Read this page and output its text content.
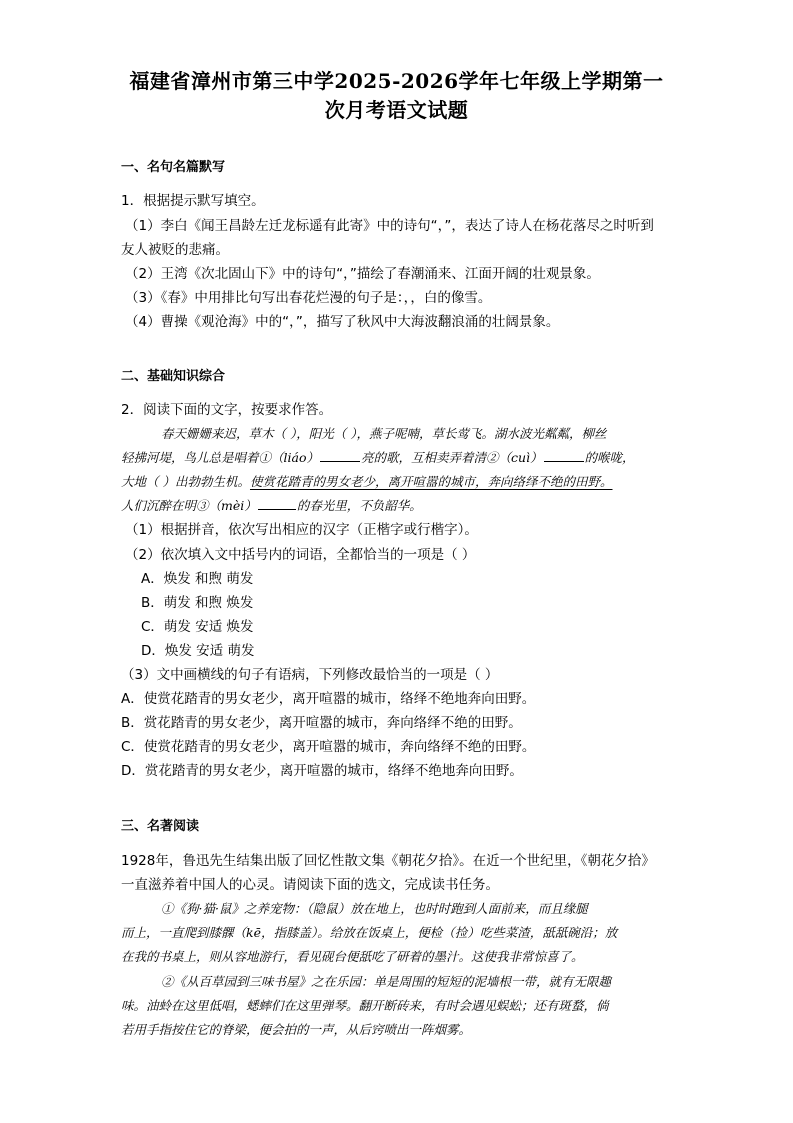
福建省漳州市第三中学2025-2026学年七年级上学期第一
次月考语文试题
一、名句名篇默写
1．根据提示默写填空。
（1）李白《闻王昌龄左迁龙标遥有此寄》中的诗句“，”，表达了诗人在杨花落尽之时听到
友人被贬的悲痛。
（2）王湾《次北固山下》中的诗句“，”描绘了春潮涌来、江面开阔的壮观景象。
（3）《春》中用排比句写出春花烂漫的句子是：，，白的像雪。
（4）曹操《观沧海》中的“，”，描写了秋风中大海波翻浪涌的壮阔景象。
二、基础知识综合
2．阅读下面的文字，按要求作答。
春天姗姗来迟，草木（ ），阳光（ ），燕子呢喃，草长莺飞。湖水波光粼粼，柳丝
轻拂河堤，鸟儿总是唱着①（liáo）	亮的歌，互相卖弄着清②（cuì）	的喉咙，
大地（ ）出勃勃生机。使赏花踏青的男女老少，离开喧嚣的城市，奔向络绎不绝的田野。
人们沉醉在明③（mèi）	的春光里，不负韶华。
（1）根据拼音，依次写出相应的汉字（正楷字或行楷字）。
（2）依次填入文中括号内的词语，全都恰当的一项是（ ）
A．焕发 和煦 萌发
B．萌发 和煦 焕发
C．萌发 安适 焕发
D．焕发 安适 萌发
（3）文中画横线的句子有语病，下列修改最恰当的一项是（ ）
A．使赏花踏青的男女老少，离开喧嚣的城市，络绎不绝地奔向田野。
B．赏花踏青的男女老少，离开喧嚣的城市，奔向络绎不绝的田野。
C．使赏花踏青的男女老少，离开喧嚣的城市，奔向络绎不绝的田野。
D．赏花踏青的男女老少，离开喧嚣的城市，络绎不绝地奔向田野。
三、名著阅读
1928年，鲁迅先生结集出版了回忆性散文集《朝花夕拾》。在近一个世纪里，《朝花夕拾》
一直滋养着中国人的心灵。请阅读下面的选文，完成读书任务。
①《狗·猫·鼠》之养宠物：（隐鼠）放在地上，也时时跑到人面前来，而且缘腿
而上，一直爬到膝髁（kē，指膝盖）。给放在饭桌上，便检（捡）吃些菜渣，舐舐碗沿；放
在我的书桌上，则从容地游行，看见砚台便舐吃了研着的墨汁。这使我非常惊喜了。
②《从百草园到三味书屋》之在乐园：单是周围的短短的泥墙根一带，就有无限趣
味。油蛉在这里低唱，蟋蟀们在这里弹琴。翻开断砖来，有时会遇见蜈蚣；还有斑蝥，倘
若用手指按住它的脊梁，便会拍的一声，从后窍喷出一阵烟雾。
